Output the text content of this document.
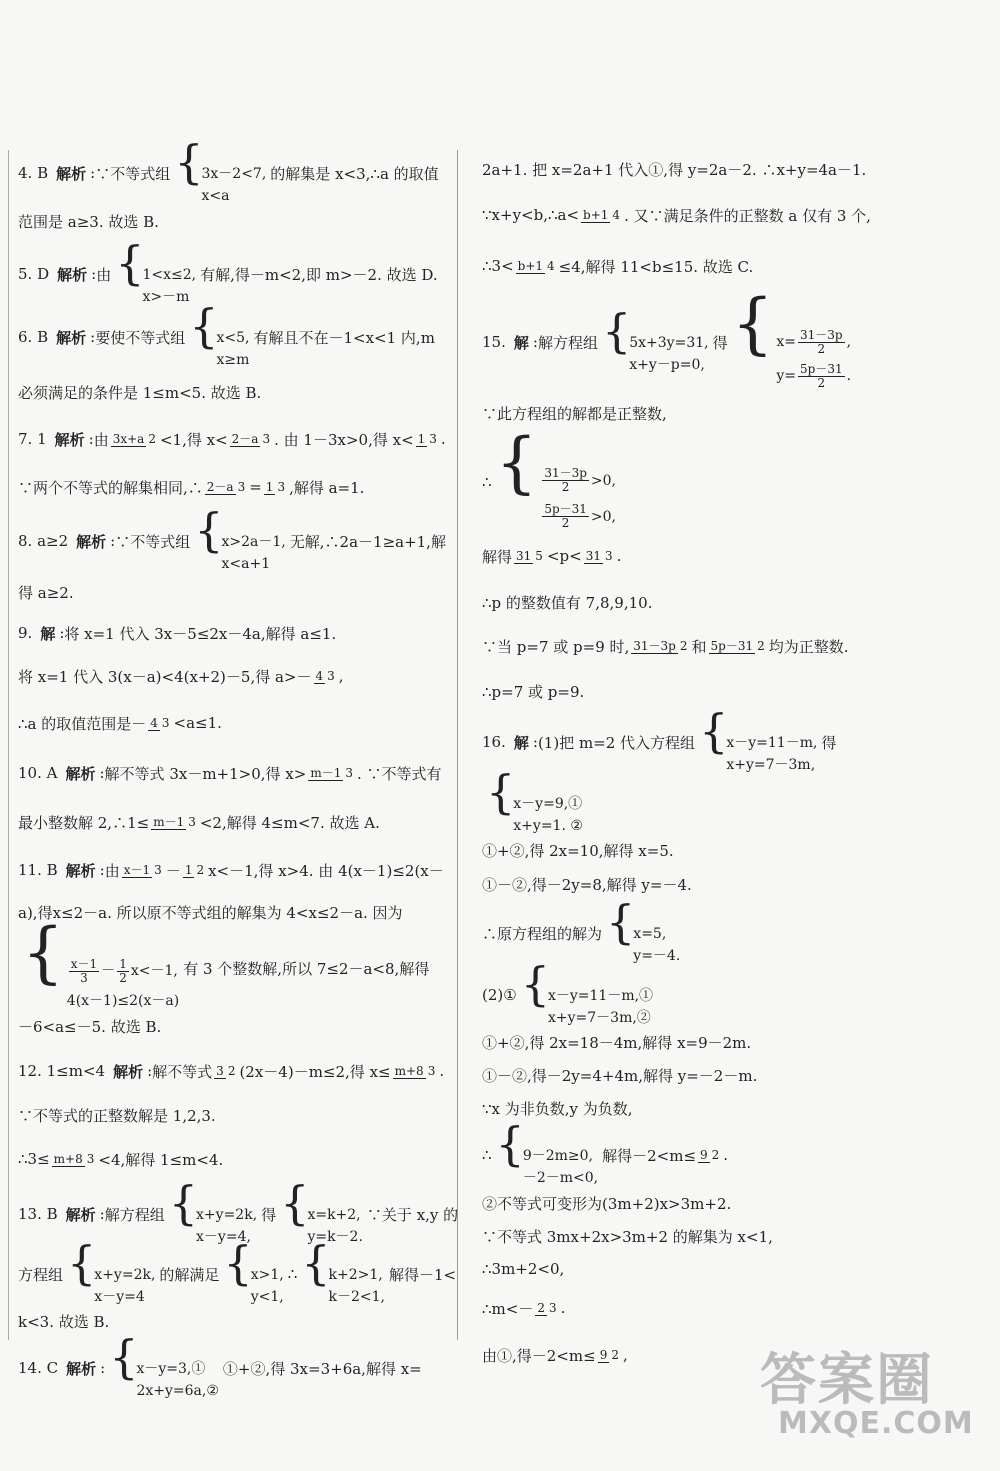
4. B 解析 : ∵不等式组 {
3x－2<7,
x<a
的解集是 x<3,∴a 的取值
范围是 a≥3. 故选 B.
5. D 解析 : 由 {
1<x≤2,
x>－m
有解,得－m<2,即 m>－2. 故选 D.
6. B 解析 : 要使不等式组 {
x<5,
x≥m
有解且不在－1<x<1 内,m
必须满足的条件是 1≤m<5. 故选 B.
7. 1 解析 : 由 3x+a 2 <1,得 x< 2－a 3 . 由 1－3x>0,得 x< 1 3 .
∵两个不等式的解集相同,∴ 2－a 3 = 1 3 ,解得 a=1.
8. a≥2 解析 : ∵不等式组 {
x>2a－1,
x<a+1
无解,∴2a－1≥a+1,解
得 a≥2.
9. 解 : 将 x=1 代入 3x－5≤2x－4a,解得 a≤1.
将 x=1 代入 3(x－a)<4(x+2)－5,得 a>－ 4 3 ,
∴a 的取值范围是－ 4 3 <a≤1.
10. A 解析 : 解不等式 3x－m+1>0,得 x> m－1 3 . ∵不等式有
最小整数解 2,∴1≤ m－1 3 <2,解得 4≤m<7. 故选 A.
11. B 解析 : 由 x－1 3 － 1 2 x<－1,得 x>4. 由 4(x－1)≤2(x－
a),得x≤2－a. 所以原不等式组的解集为 4<x≤2－a. 因为
{ $\frac{x-1}{3} - \frac{1}{2} x<-1$,
4(x－1)≤2(x－a)
有 3 个整数解,所以 7≤2－a<8,解得
－6<a≤－5. 故选 B.
12. 1≤m<4 解析 : 解不等式 3 2 (2x－4)－m≤2,得 x≤ m+8 3 .
∵不等式的正整数解是 1,2,3.
∴3≤ m+8 3 <4,解得 1≤m<4.
13. B 解析 : 解方程组 {
x+y=2k,
x－y=4,
得 {
x=k+2,
y=k－2.
∵关于 x,y 的
方程组 {
x+y=2k,
x－y=4
的解满足 {
x>1,
y<1,
∴ {
k+2>1,
k－2<1,
解得－1<
k<3. 故选 B.
14. C 解析 : {
x－y=3,①
2x+y=6a,②
①+②,得 3x=3+6a,解得 x=
2a+1. 把 x=2a+1 代入①,得 y=2a－2. ∴x+y=4a－1.
∵x+y<b,∴a< b+1 4 . 又∵满足条件的正整数 a 仅有 3 个,
∴3< b+1 4 ≤4,解得 11<b≤15. 故选 C.
15. 解 : 解方程组 {
5x+3y=31,
x+y－p=0,
得 { $x= \frac{31-3p}{2}$ ,
$y= \frac{5p-31}{2}$ .
∵此方程组的解都是正整数,
∴ { $\frac{31-3p}{2} >0$,
$\frac{5p-31}{2} >0$,
解得 31 5 <p< 31 3 .
∴p 的整数值有 7,8,9,10.
∵当 p=7 或 p=9 时, 31－3p 2 和 5p－31 2 均为正整数.
∴p=7 或 p=9.
16. 解 : (1)把 m=2 代入方程组 {
x－y=11－m,
x+y=7－3m,
得
{
x－y=9,①
x+y=1. ②
①+②,得 2x=10,解得 x=5.
①－②,得－2y=8,解得 y=－4.
∴原方程组的解为 {
x=5,
y=－4.
(2)① {
x－y=11－m,①
x+y=7－3m,②
①+②,得 2x=18－4m,解得 x=9－2m.
①－②,得－2y=4+4m,解得 y=－2－m.
∵x 为非负数,y 为负数,
∴ {
9－2m≥0,
－2－m<0,
解得－2<m≤ 9 2 .
②不等式可变形为(3m+2)x>3m+2.
∵不等式 3mx+2x>3m+2 的解集为 x<1,
∴3m+2<0,
∴m<－ 2 3 .
由①,得－2<m≤ 9 2 , 答案圈
MXQE.COM
